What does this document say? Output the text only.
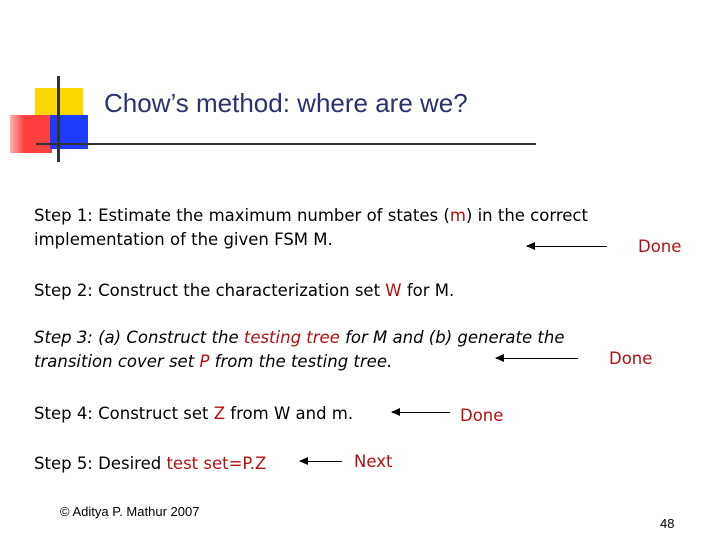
Chow’s method: where are we?
Step 1: Estimate the maximum number of states (m) in the correct
implementation of the given FSM M.	Done
Step 2: Construct the characterization set W for M.
Step 3: (a) Construct the testing tree for M and (b) generate the
transition cover set P from the testing tree.	Done
Step 4: Construct set Z from W and m.	Done
Step 5: Desired test set=P.Z	Next
© Aditya P. Mathur 2007
48
